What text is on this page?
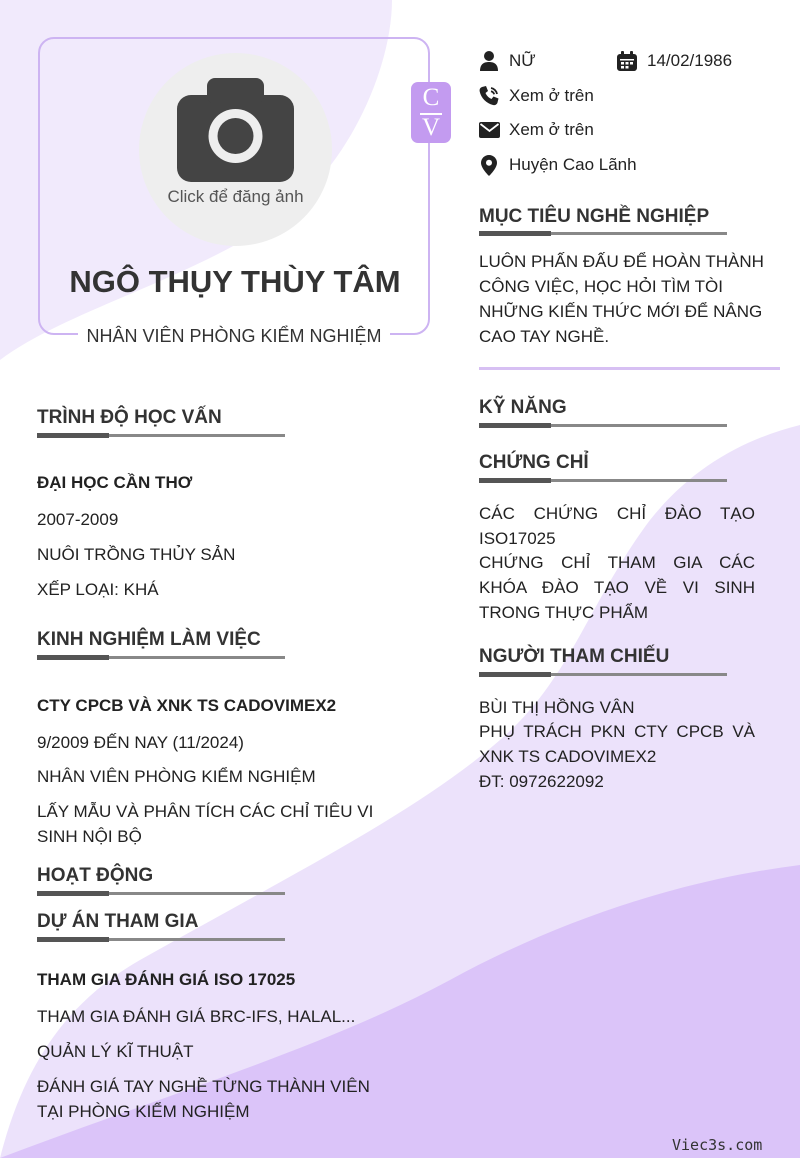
Click để đăng ảnh
NGÔ THỤY THÙY TÂM
NHÂN VIÊN PHÒNG KIỂM NGHIỆM
C
V
NỮ	14/02/1986
Xem ở trên
Xem ở trên
Huyện Cao Lãnh
MỤC TIÊU NGHỀ NGHIỆP
LUÔN PHẤN ĐẤU ĐỂ HOÀN THÀNH CÔNG VIỆC, HỌC HỎI TÌM TÒI NHỮNG KIẾN THỨC MỚI ĐỂ NÂNG CAO TAY NGHỀ.
KỸ NĂNG
CHỨNG CHỈ
CÁC CHỨNG CHỈ ĐÀO TẠO ISO17025
CHỨNG CHỈ THAM GIA CÁC KHÓA ĐÀO TẠO VỀ VI SINH TRONG THỰC PHẨM
NGƯỜI THAM CHIẾU
BÙI THỊ HỒNG VÂN
PHỤ TRÁCH PKN CTY CPCB VÀ XNK TS CADOVIMEX2
ĐT: 0972622092
TRÌNH ĐỘ HỌC VẤN
ĐẠI HỌC CẦN THƠ
2007-2009
NUÔI TRỒNG THỦY SẢN
XẾP LOẠI: KHÁ
KINH NGHIỆM LÀM VIỆC
CTY CPCB VÀ XNK TS CADOVIMEX2
9/2009 ĐẾN NAY (11/2024)
NHÂN VIÊN PHÒNG KIỂM NGHIỆM
LẤY MẪU VÀ PHÂN TÍCH CÁC CHỈ TIÊU VI SINH NỘI BỘ
HOẠT ĐỘNG
DỰ ÁN THAM GIA
THAM GIA ĐÁNH GIÁ ISO 17025
THAM GIA ĐÁNH GIÁ BRC-IFS, HALAL...
QUẢN LÝ KĨ THUẬT
ĐÁNH GIÁ TAY NGHỀ TỪNG THÀNH VIÊN TẠI PHÒNG KIỂM NGHIỆM
Viec3s.com
